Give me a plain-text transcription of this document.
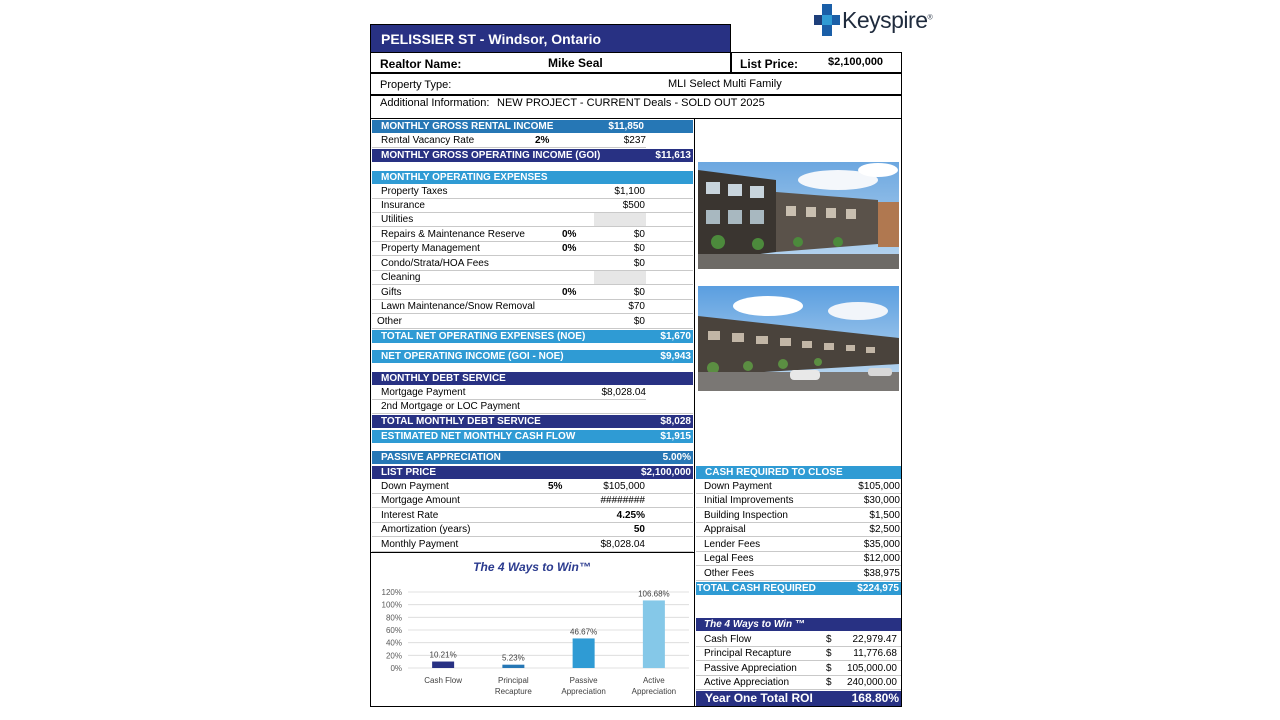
Keyspire®
PELISSIER ST - Windsor, Ontario
Realtor Name:	Mike Seal	List Price:	$2,100,000
Property Type:	MLI Select Multi Family
Additional Information: NEW PROJECT - CURRENT Deals - SOLD OUT 2025
MONTHLY GROSS RENTAL INCOME	$11,850
Rental Vacancy Rate	2%	$237
MONTHLY GROSS OPERATING INCOME (GOI)	$11,613
MONTHLY OPERATING EXPENSES
Property Taxes	$1,100
Insurance	$500
Utilities
Repairs & Maintenance Reserve	0%	$0
Property Management	0%	$0
Condo/Strata/HOA Fees	$0
Cleaning
Gifts	0%	$0
Lawn Maintenance/Snow Removal	$70
Other	$0
TOTAL NET OPERATING EXPENSES (NOE)	$1,670
NET OPERATING INCOME (GOI - NOE)	$9,943
MONTHLY DEBT SERVICE
Mortgage Payment	$8,028.04
2nd Mortgage or LOC Payment
TOTAL MONTHLY DEBT SERVICE	$8,028
ESTIMATED NET MONTHLY CASH FLOW	$1,915
PASSIVE APPRECIATION	5.00%
LIST PRICE	$2,100,000
Down Payment	5%	$105,000
Mortgage Amount	########
Interest Rate	4.25%
Amortization (years)	50
Monthly Payment	$8,028.04
CASH REQUIRED TO CLOSE
Down Payment	$105,000
Initial Improvements	$30,000
Building Inspection	$1,500
Appraisal	$2,500
Lender Fees	$35,000
Legal Fees	$12,000
Other Fees	$38,975
TOTAL CASH REQUIRED	$224,975
The 4 Ways to Win ™
Cash Flow	$ 22,979.47
Principal Recapture	$ 11,776.68
Passive Appreciation	$ 105,000.00
Active Appreciation	$ 240,000.00
Year One Total ROI	168.80%
The 4 Ways to Win™
0%
20%
40%
60%
80%
100%
120%
10.21%
Cash Flow
5.23%
Principal
Recapture
46.67%
Passive
Appreciation
106.68%
Active
Appreciation
